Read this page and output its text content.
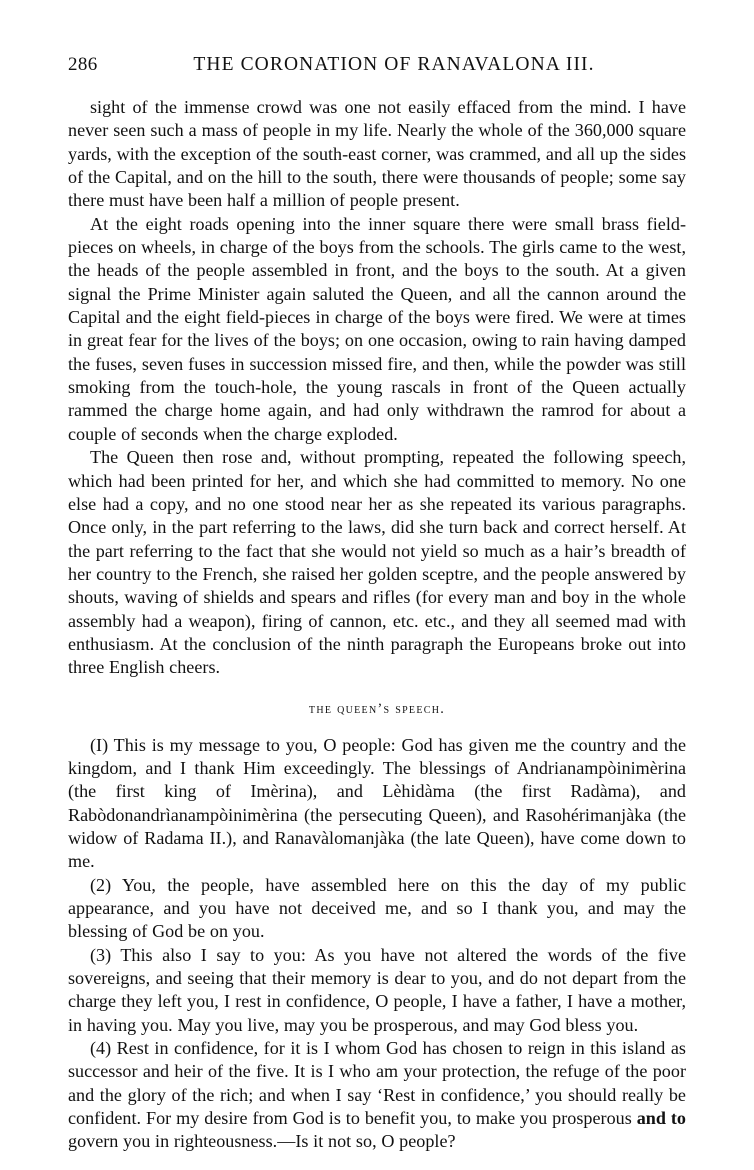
286	THE CORONATION OF RANAVALONA III.

sight of the immense crowd was one not easily effaced from the mind. I have never seen such a mass of people in my life. Nearly the whole of the 360,000 square yards, with the exception of the south-east corner, was crammed, and all up the sides of the Capital, and on the hill to the south, there were thousands of people; some say there must have been half a million of people present.

At the eight roads opening into the inner square there were small brass field-pieces on wheels, in charge of the boys from the schools. The girls came to the west, the heads of the people assembled in front, and the boys to the south. At a given signal the Prime Minister again saluted the Queen, and all the cannon around the Capital and the eight field-pieces in charge of the boys were fired. We were at times in great fear for the lives of the boys; on one occasion, owing to rain having damped the fuses, seven fuses in succession missed fire, and then, while the powder was still smoking from the touch-hole, the young rascals in front of the Queen actually rammed the charge home again, and had only withdrawn the ramrod for about a couple of seconds when the charge exploded.

The Queen then rose and, without prompting, repeated the following speech, which had been printed for her, and which she had committed to memory. No one else had a copy, and no one stood near her as she repeated its various paragraphs. Once only, in the part referring to the laws, did she turn back and correct herself. At the part referring to the fact that she would not yield so much as a hair’s breadth of her country to the French, she raised her golden sceptre, and the people answered by shouts, waving of shields and spears and rifles (for every man and boy in the whole assembly had a weapon), firing of cannon, etc. etc., and they all seemed mad with enthusiasm. At the conclusion of the ninth paragraph the Europeans broke out into three English cheers.

the queen’s speech.

(I) This is my message to you, O people: God has given me the country and the kingdom, and I thank Him exceedingly. The blessings of Andrianampòinimèrina (the first king of Imèrina), and Lèhidàma (the first Radàma), and Rabòdonandrìanampòinimèrina (the persecuting Queen), and Rasohérimanjàka (the widow of Radama II.), and Ranavàlomanjàka (the late Queen), have come down to me.

(2) You, the people, have assembled here on this the day of my public appearance, and you have not deceived me, and so I thank you, and may the blessing of God be on you.

(3) This also I say to you: As you have not altered the words of the five sovereigns, and seeing that their memory is dear to you, and do not depart from the charge they left you, I rest in confidence, O people, I have a father, I have a mother, in having you. May you live, may you be prosperous, and may God bless you.

(4) Rest in confidence, for it is I whom God has chosen to reign in this island as successor and heir of the five. It is I who am your protection, the refuge of the poor and the glory of the rich; and when I say ‘Rest in confidence,’ you should really be confident. For my desire from God is to benefit you, to make you prosperous and to govern you in righteousness.—Is it not so, O people?
